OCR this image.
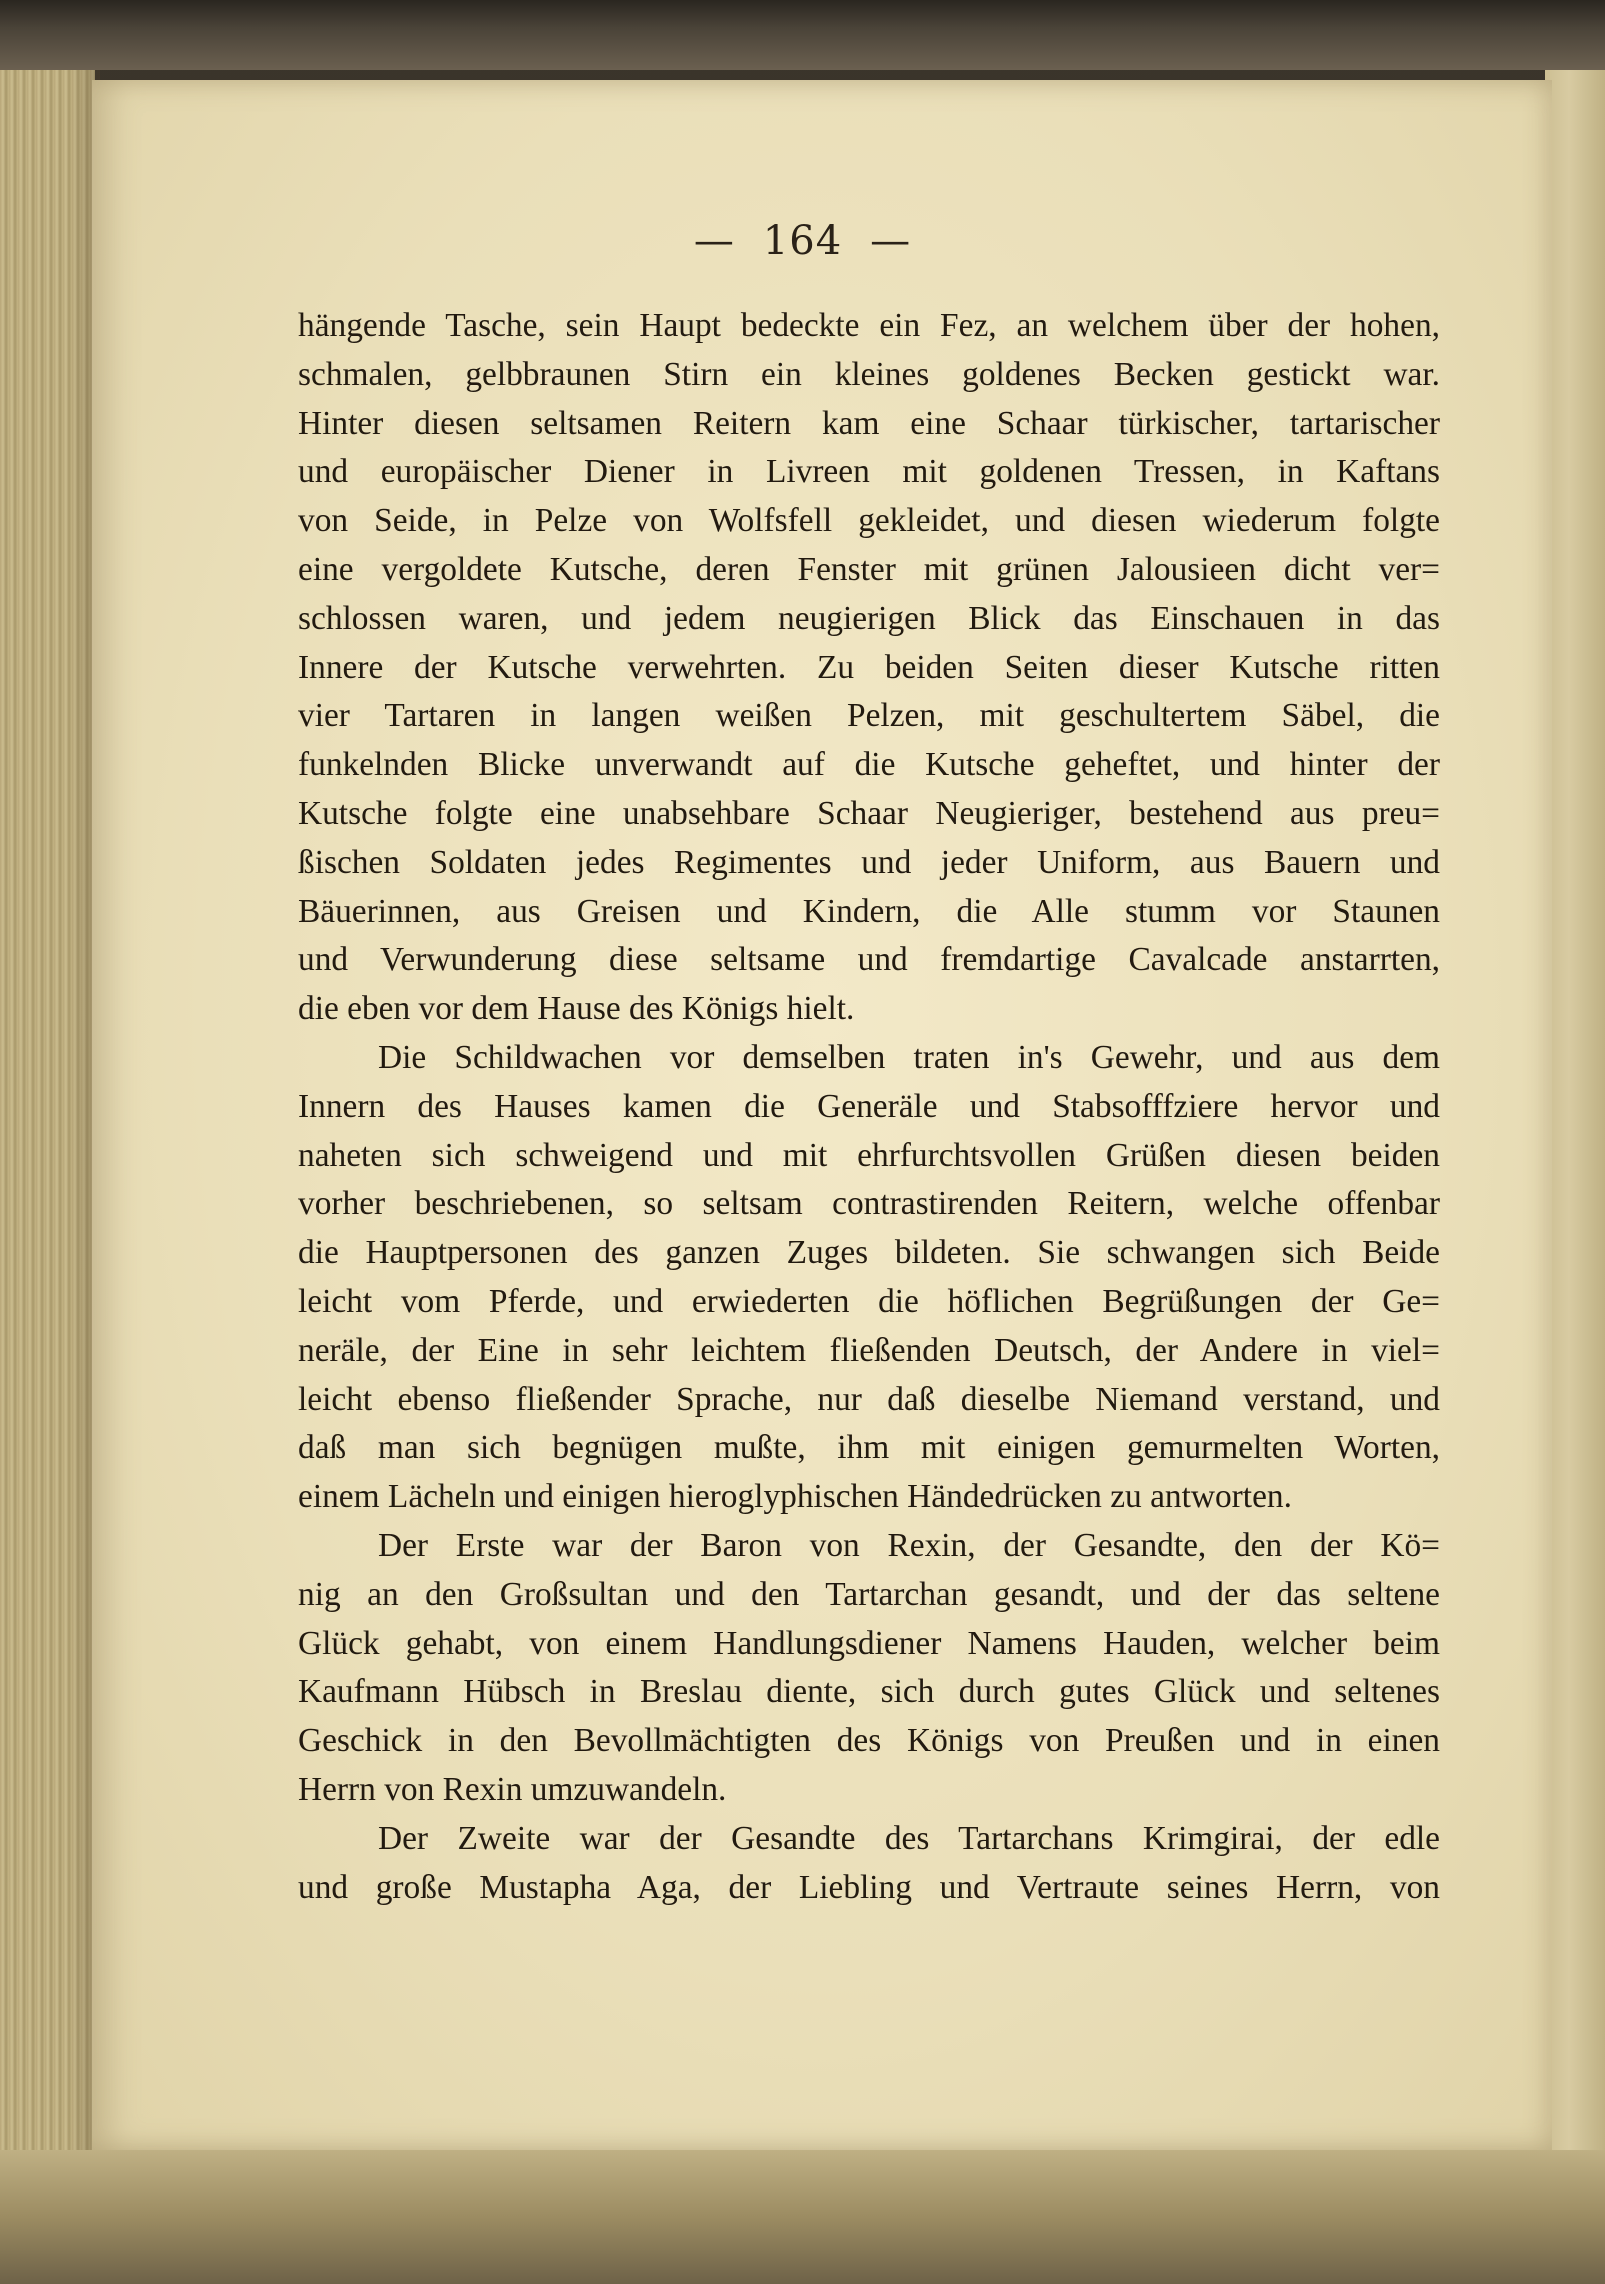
— 164 —
hängende Tasche, sein Haupt bedeckte ein Fez, an welchem über der hohen,
schmalen, gelbbraunen Stirn ein kleines goldenes Becken gestickt war.
Hinter diesen seltsamen Reitern kam eine Schaar türkischer, tartarischer
und europäischer Diener in Livreen mit goldenen Tressen, in Kaftans
von Seide, in Pelze von Wolfsfell gekleidet, und diesen wiederum folgte
eine vergoldete Kutsche, deren Fenster mit grünen Jalousieen dicht ver=
schlossen waren, und jedem neugierigen Blick das Einschauen in das
Innere der Kutsche verwehrten. Zu beiden Seiten dieser Kutsche ritten
vier Tartaren in langen weißen Pelzen, mit geschultertem Säbel, die
funkelnden Blicke unverwandt auf die Kutsche geheftet, und hinter der
Kutsche folgte eine unabsehbare Schaar Neugieriger, bestehend aus preu=
ßischen Soldaten jedes Regimentes und jeder Uniform, aus Bauern und
Bäuerinnen, aus Greisen und Kindern, die Alle stumm vor Staunen
und Verwunderung diese seltsame und fremdartige Cavalcade anstarrten,
die eben vor dem Hause des Königs hielt.
Die Schildwachen vor demselben traten in's Gewehr, und aus dem
Innern des Hauses kamen die Generäle und Stabsofffziere hervor und
naheten sich schweigend und mit ehrfurchtsvollen Grüßen diesen beiden
vorher beschriebenen, so seltsam contrastirenden Reitern, welche offenbar
die Hauptpersonen des ganzen Zuges bildeten. Sie schwangen sich Beide
leicht vom Pferde, und erwiederten die höflichen Begrüßungen der Ge=
neräle, der Eine in sehr leichtem fließenden Deutsch, der Andere in viel=
leicht ebenso fließender Sprache, nur daß dieselbe Niemand verstand, und
daß man sich begnügen mußte, ihm mit einigen gemurmelten Worten,
einem Lächeln und einigen hieroglyphischen Händedrücken zu antworten.
Der Erste war der Baron von Rexin, der Gesandte, den der Kö=
nig an den Großsultan und den Tartarchan gesandt, und der das seltene
Glück gehabt, von einem Handlungsdiener Namens Hauden, welcher beim
Kaufmann Hübsch in Breslau diente, sich durch gutes Glück und seltenes
Geschick in den Bevollmächtigten des Königs von Preußen und in einen
Herrn von Rexin umzuwandeln.
Der Zweite war der Gesandte des Tartarchans Krimgirai, der edle
und große Mustapha Aga, der Liebling und Vertraute seines Herrn, von
